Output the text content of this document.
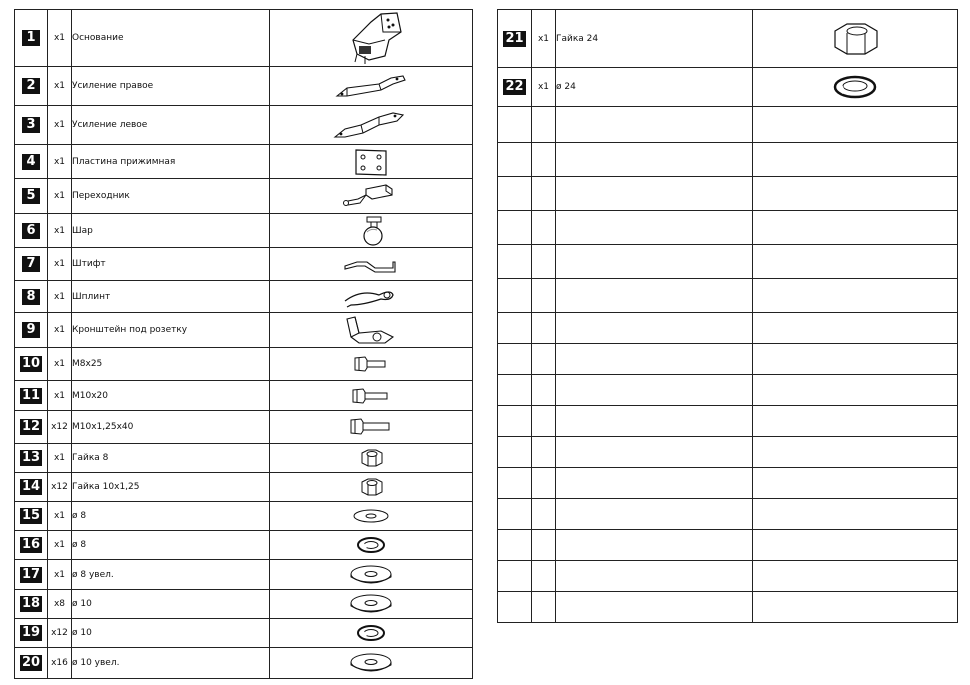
1	x1	Основание	

2	x1	Усиление правое	

3	x1	Усиление левое	

4	x1	Пластина прижимная	

5	x1	Переходник	

6	x1	Шар	

7	x1	Штифт	

8	x1	Шплинт	

9	x1	Кронштейн под розетку	

10	x1	M8x25	

11	x1	M10x20	

12	x12	M10x1,25x40	

13	x1	Гайка 8	

14	x12	Гайка 10x1,25	

15	x1	ø 8	

16	x1	ø 8	

17	x1	ø 8 увел.	

18	x8	ø 10	

19	x12	ø 10	

20	x16	ø 10 увел.	
21	x1	Гайка 24	

22	x1	ø 24	
